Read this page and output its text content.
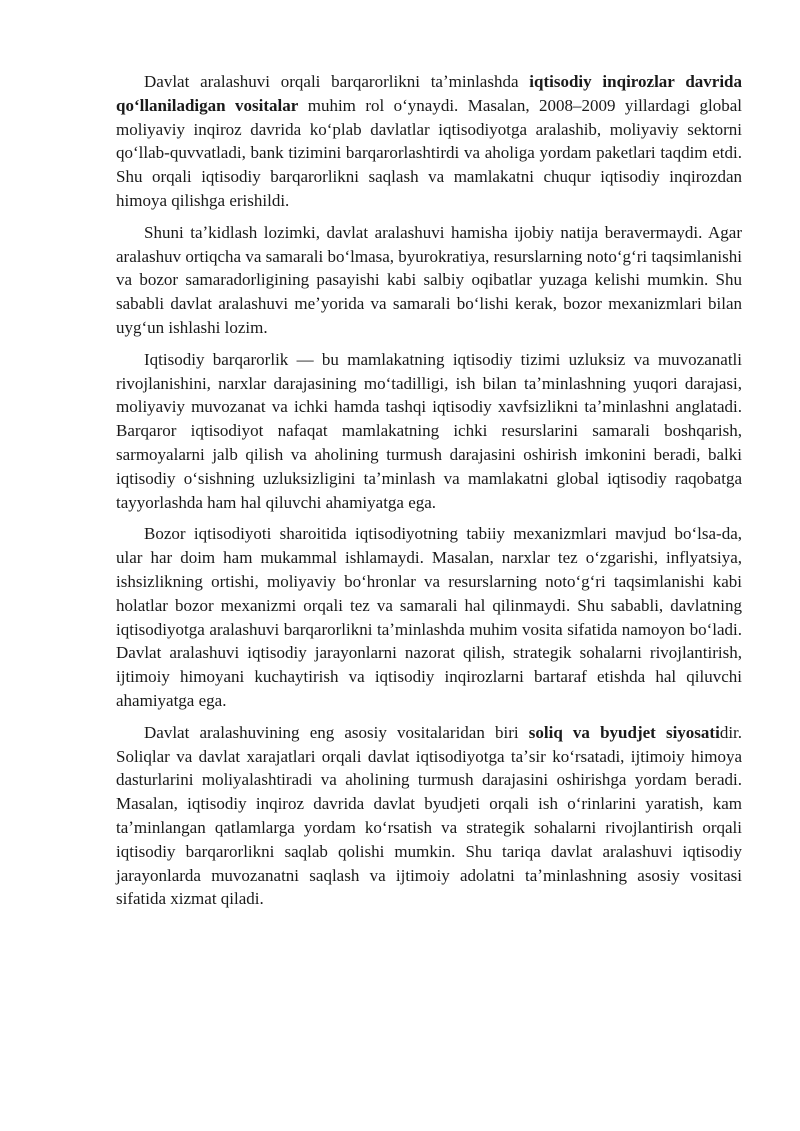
Davlat aralashuvi orqali barqarorlikni taʼminlashda iqtisodiy inqirozlar davrida qoʻllaniladigan vositalar muhim rol oʻynaydi. Masalan, 2008–2009 yillardagi global moliyaviy inqiroz davrida koʻplab davlatlar iqtisodiyotga aralashib, moliyaviy sektorni qoʻllab-quvvatladi, bank tizimini barqarorlashtirdi va aholiga yordam paketlari taqdim etdi. Shu orqali iqtisodiy barqarorlikni saqlash va mamlakatni chuqur iqtisodiy inqirozdan himoya qilishga erishildi.

Shuni taʼkidlash lozimki, davlat aralashuvi hamisha ijobiy natija beravermaydi. Agar aralashuv ortiqcha va samarali boʻlmasa, byurokratiya, resurslarning notoʻgʻri taqsimlanishi va bozor samaradorligining pasayishi kabi salbiy oqibatlar yuzaga kelishi mumkin. Shu sababli davlat aralashuvi meʼyorida va samarali boʻlishi kerak, bozor mexanizmlari bilan uygʻun ishlashi lozim.

Iqtisodiy barqarorlik — bu mamlakatning iqtisodiy tizimi uzluksiz va muvozanatli rivojlanishini, narxlar darajasining moʻtadilligi, ish bilan taʼminlashning yuqori darajasi, moliyaviy muvozanat va ichki hamda tashqi iqtisodiy xavfsizlikni taʼminlashni anglatadi. Barqaror iqtisodiyot nafaqat mamlakatning ichki resurslarini samarali boshqarish, sarmoyalarni jalb qilish va aholining turmush darajasini oshirish imkonini beradi, balki iqtisodiy oʻsishning uzluksizligini taʼminlash va mamlakatni global iqtisodiy raqobatga tayyorlashda ham hal qiluvchi ahamiyatga ega.

Bozor iqtisodiyoti sharoitida iqtisodiyotning tabiiy mexanizmlari mavjud boʻlsa-da, ular har doim ham mukammal ishlamaydi. Masalan, narxlar tez oʻzgarishi, inflyatsiya, ishsizlikning ortishi, moliyaviy boʻhronlar va resurslarning notoʻgʻri taqsimlanishi kabi holatlar bozor mexanizmi orqali tez va samarali hal qilinmaydi. Shu sababli, davlatning iqtisodiyotga aralashuvi barqarorlikni taʼminlashda muhim vosita sifatida namoyon boʻladi. Davlat aralashuvi iqtisodiy jarayonlarni nazorat qilish, strategik sohalarni rivojlantirish, ijtimoiy himoyani kuchaytirish va iqtisodiy inqirozlarni bartaraf etishda hal qiluvchi ahamiyatga ega.

Davlat aralashuvining eng asosiy vositalaridan biri soliq va byudjet siyosatidir. Soliqlar va davlat xarajatlari orqali davlat iqtisodiyotga taʼsir koʻrsatadi, ijtimoiy himoya dasturlarini moliyalashtiradi va aholining turmush darajasini oshirishga yordam beradi. Masalan, iqtisodiy inqiroz davrida davlat byudjeti orqali ish oʻrinlarini yaratish, kam taʼminlangan qatlamlarga yordam koʻrsatish va strategik sohalarni rivojlantirish orqali iqtisodiy barqarorlikni saqlab qolishi mumkin. Shu tariqa davlat aralashuvi iqtisodiy jarayonlarda muvozanatni saqlash va ijtimoiy adolatni taʼminlashning asosiy vositasi sifatida xizmat qiladi.
